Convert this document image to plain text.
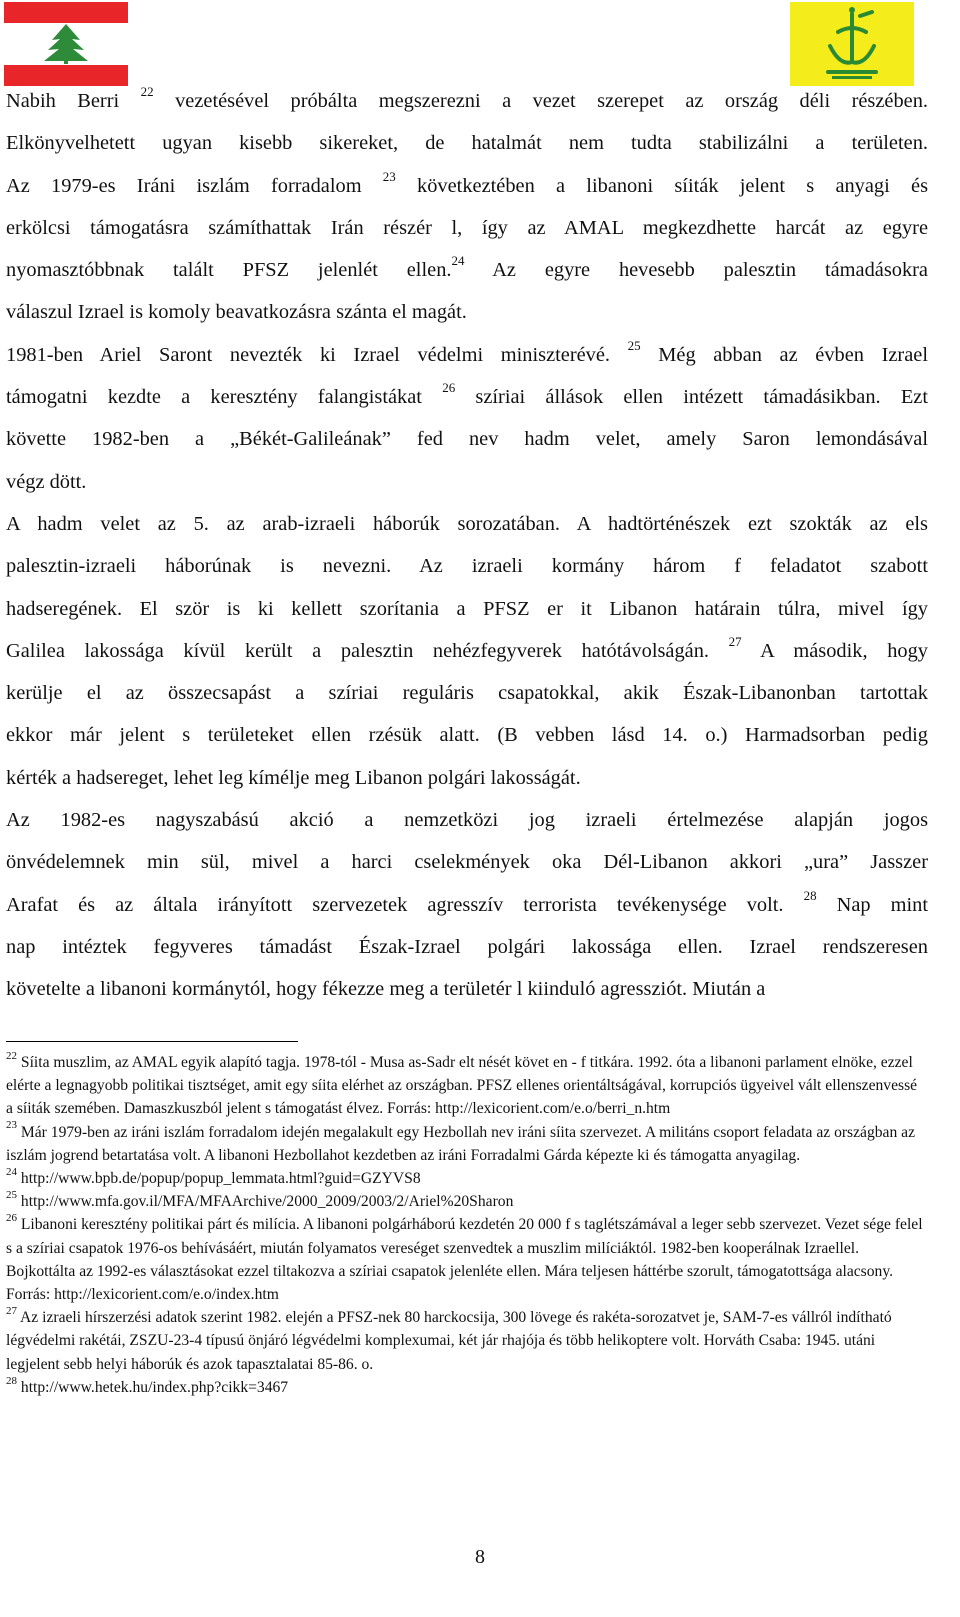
Nabih Berri $^{22}$ vezetésével próbálta megszerezni a vezet szerepet az ország déli részében.
Elkönyvelhetett ugyan kisebb sikereket, de hatalmát nem tudta stabilizálni a területen.
Az 1979-es Iráni iszlám forradalom $^{23}$ következtében a libanoni síiták jelent s anyagi és
erkölcsi támogatásra számíthattak Irán részér l, így az AMAL megkezdhette harcát az egyre
nyomasztóbbnak talált PFSZ jelenlét ellen.$^{24}$ Az egyre hevesebb palesztin támadásokra
válaszul Izrael is komoly beavatkozásra szánta el magát.
1981-ben Ariel Saront nevezték ki Izrael védelmi miniszterévé. $^{25}$ Még abban az évben Izrael
támogatni kezdte a keresztény falangistákat $^{26}$ szíriai állások ellen intézett támadásikban. Ezt
követte 1982-ben a „Békét-Galileának” fed nev hadm velet, amely Saron lemondásával
végz dött.
A hadm velet az 5. az arab-izraeli háborúk sorozatában. A hadtörténészek ezt szokták az els
palesztin-izraeli háborúnak is nevezni. Az izraeli kormány három f feladatot szabott
hadseregének. El ször is ki kellett szorítania a PFSZ er it Libanon határain túlra, mivel így
Galilea lakossága kívül került a palesztin nehézfegyverek hatótávolságán. $^{27}$ A második, hogy
kerülje el az összecsapást a szíriai reguláris csapatokkal, akik Észak-Libanonban tartottak
ekkor már jelent s területeket ellen rzésük alatt. (B vebben lásd 14. o.) Harmadsorban pedig
kérték a hadsereget, lehet leg kímélje meg Libanon polgári lakosságát.
Az 1982-es nagyszabású akció a nemzetközi jog izraeli értelmezése alapján jogos
önvédelemnek min sül, mivel a harci cselekmények oka Dél-Libanon akkori „ura” Jasszer
Arafat és az általa irányított szervezetek agresszív terrorista tevékenysége volt. $^{28}$ Nap mint
nap intéztek fegyveres támadást Észak-Izrael polgári lakossága ellen. Izrael rendszeresen
követelte a libanoni kormánytól, hogy fékezze meg a területér l kiinduló agressziót. Miután a

$^{22}$ Síita muszlim, az AMAL egyik alapító tagja. 1978-tól - Musa as-Sadr elt nését követ en - f titkára. 1992. óta a libanoni parlament elnöke, ezzel elérte a legnagyobb politikai tisztséget, amit egy síita elérhet az országban. PFSZ ellenes orientáltságával, korrupciós ügyeivel vált ellenszenvessé a síiták szemében. Damaszkuszból jelent s támogatást élvez. Forrás: http://lexicorient.com/e.o/berri_n.htm

$^{23}$ Már 1979-ben az iráni iszlám forradalom idején megalakult egy Hezbollah nev iráni síita szervezet. A militáns csoport feladata az országban az iszlám jogrend betartatása volt. A libanoni Hezbollahot kezdetben az iráni Forradalmi Gárda képezte ki és támogatta anyagilag.

$^{24}$ http://www.bpb.de/popup/popup_lemmata.html?guid=GZYVS8

$^{25}$ http://www.mfa.gov.il/MFA/MFAArchive/2000_2009/2003/2/Ariel%20Sharon

$^{26}$ Libanoni keresztény politikai párt és milícia. A libanoni polgárháború kezdetén 20 000 f s taglétszámával a leger sebb szervezet. Vezet sége felel s a szíriai csapatok 1976-os behívásáért, miután folyamatos vereséget szenvedtek a muszlim milíciáktól. 1982-ben kooperálnak Izraellel. Bojkottálta az 1992-es választásokat ezzel tiltakozva a szíriai csapatok jelenléte ellen. Mára teljesen háttérbe szorult, támogatottsága alacsony. Forrás: http://lexicorient.com/e.o/index.htm

$^{27}$ Az izraeli hírszerzési adatok szerint 1982. elején a PFSZ-nek 80 harckocsija, 300 lövege és rakéta-sorozatvet je, SAM-7-es vállról indítható légvédelmi rakétái, ZSZU-23-4 típusú önjáró légvédelmi komplexumai, két jár rhajója és több helikoptere volt. Horváth Csaba: 1945. utáni legjelent sebb helyi háborúk és azok tapasztalatai 85-86. o.

$^{28}$ http://www.hetek.hu/index.php?cikk=3467

8
